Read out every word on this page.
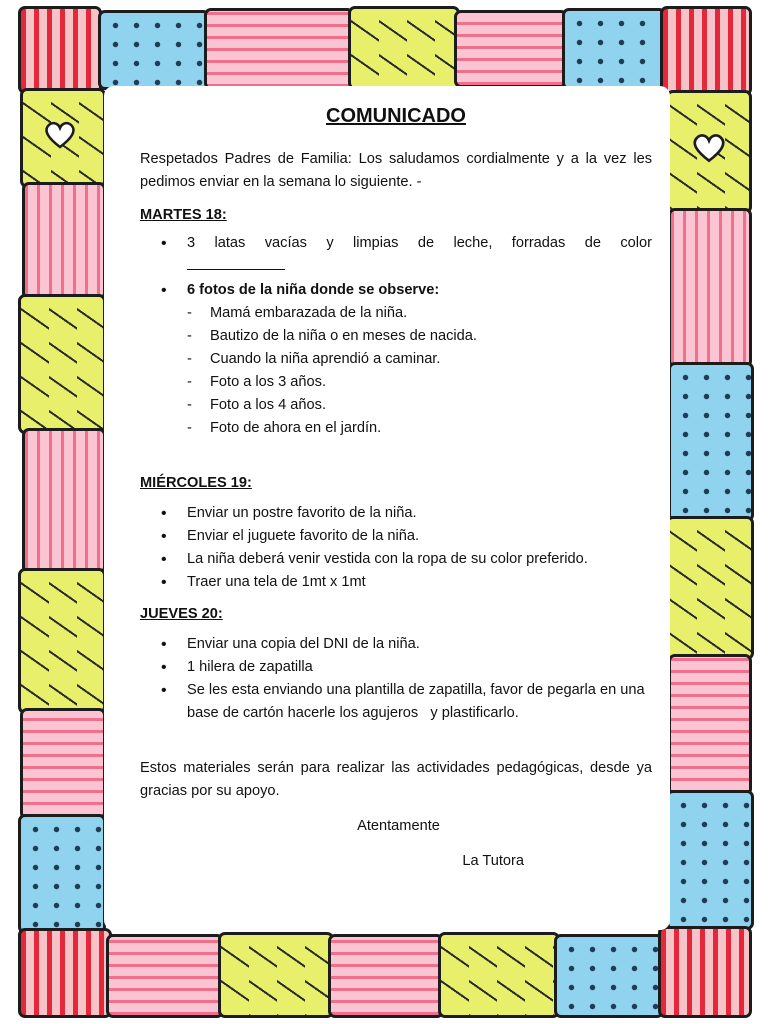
COMUNICADO

Respetados Padres de Familia: Los saludamos cordialmente y a la vez les pedimos enviar en la semana lo siguiente. -

MARTES 18:

• 3 latas vacías y limpias de leche, forradas de color
• 6 fotos de la niña donde se observe:
- Mamá embarazada de la niña.
- Bautizo de la niña o en meses de nacida.
- Cuando la niña aprendió a caminar.
- Foto a los 3 años.
- Foto a los 4 años.
- Foto de ahora en el jardín.

MIÉRCOLES 19:

• Enviar un postre favorito de la niña.
• Enviar el juguete favorito de la niña.
• La niña deberá venir vestida con la ropa de su color preferido.
• Traer una tela de 1mt x 1mt

JUEVES 20:

• Enviar una copia del DNI de la niña.
• 1 hilera de zapatilla
• Se les esta enviando una plantilla de zapatilla, favor de pegarla en una base de cartón hacerle los agujeros   y plastificarlo.

Estos materiales serán para realizar las actividades pedagógicas, desde ya gracias por su apoyo.

Atentamente
La Tutora
